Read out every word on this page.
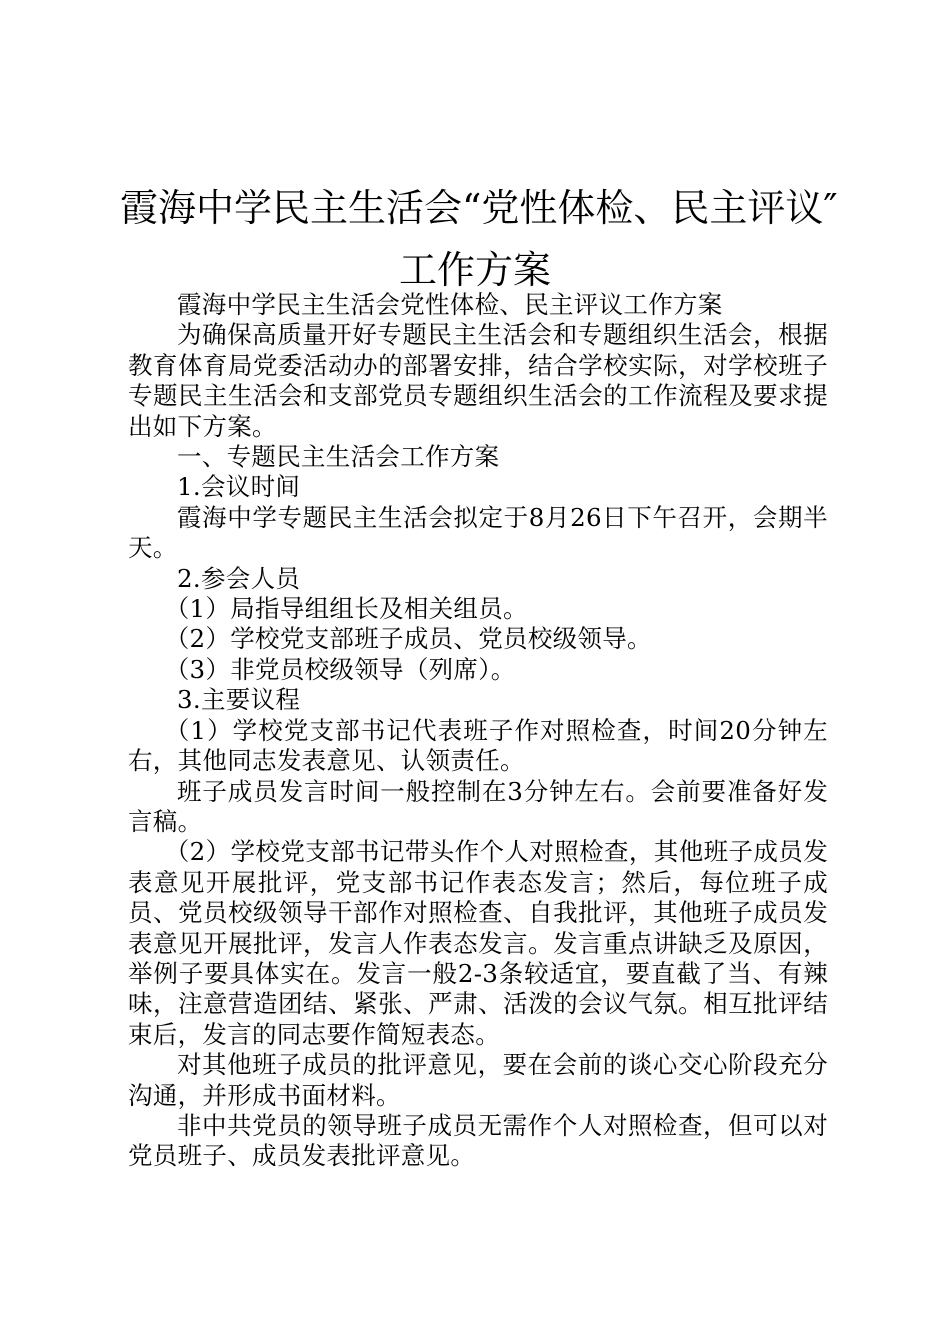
霞海中学民主生活会“党性体检、民主评议″
工作方案

霞海中学民主生活会党性体检、民主评议工作方案

为确保高质量开好专题民主生活会和专题组织生活会，根据教育体育局党委活动办的部署安排，结合学校实际，对学校班子专题民主生活会和支部党员专题组织生活会的工作流程及要求提出如下方案。

一、专题民主生活会工作方案

1.会议时间

霞海中学专题民主生活会拟定于8月26日下午召开，会期半天。

2.参会人员

（1）局指导组组长及相关组员。

（2）学校党支部班子成员、党员校级领导。

（3）非党员校级领导（列席）。

3.主要议程

（1）学校党支部书记代表班子作对照检查，时间20分钟左右，其他同志发表意见、认领责任。

班子成员发言时间一般控制在3分钟左右。会前要准备好发言稿。

（2）学校党支部书记带头作个人对照检查，其他班子成员发表意见开展批评，党支部书记作表态发言；然后，每位班子成员、党员校级领导干部作对照检查、自我批评，其他班子成员发表意见开展批评，发言人作表态发言。发言重点讲缺乏及原因，举例子要具体实在。发言一般2-3条较适宜，要直截了当、有辣味，注意营造团结、紧张、严肃、活泼的会议气氛。相互批评结束后，发言的同志要作简短表态。

对其他班子成员的批评意见，要在会前的谈心交心阶段充分沟通，并形成书面材料。

非中共党员的领导班子成员无需作个人对照检查，但可以对党员班子、成员发表批评意见。
